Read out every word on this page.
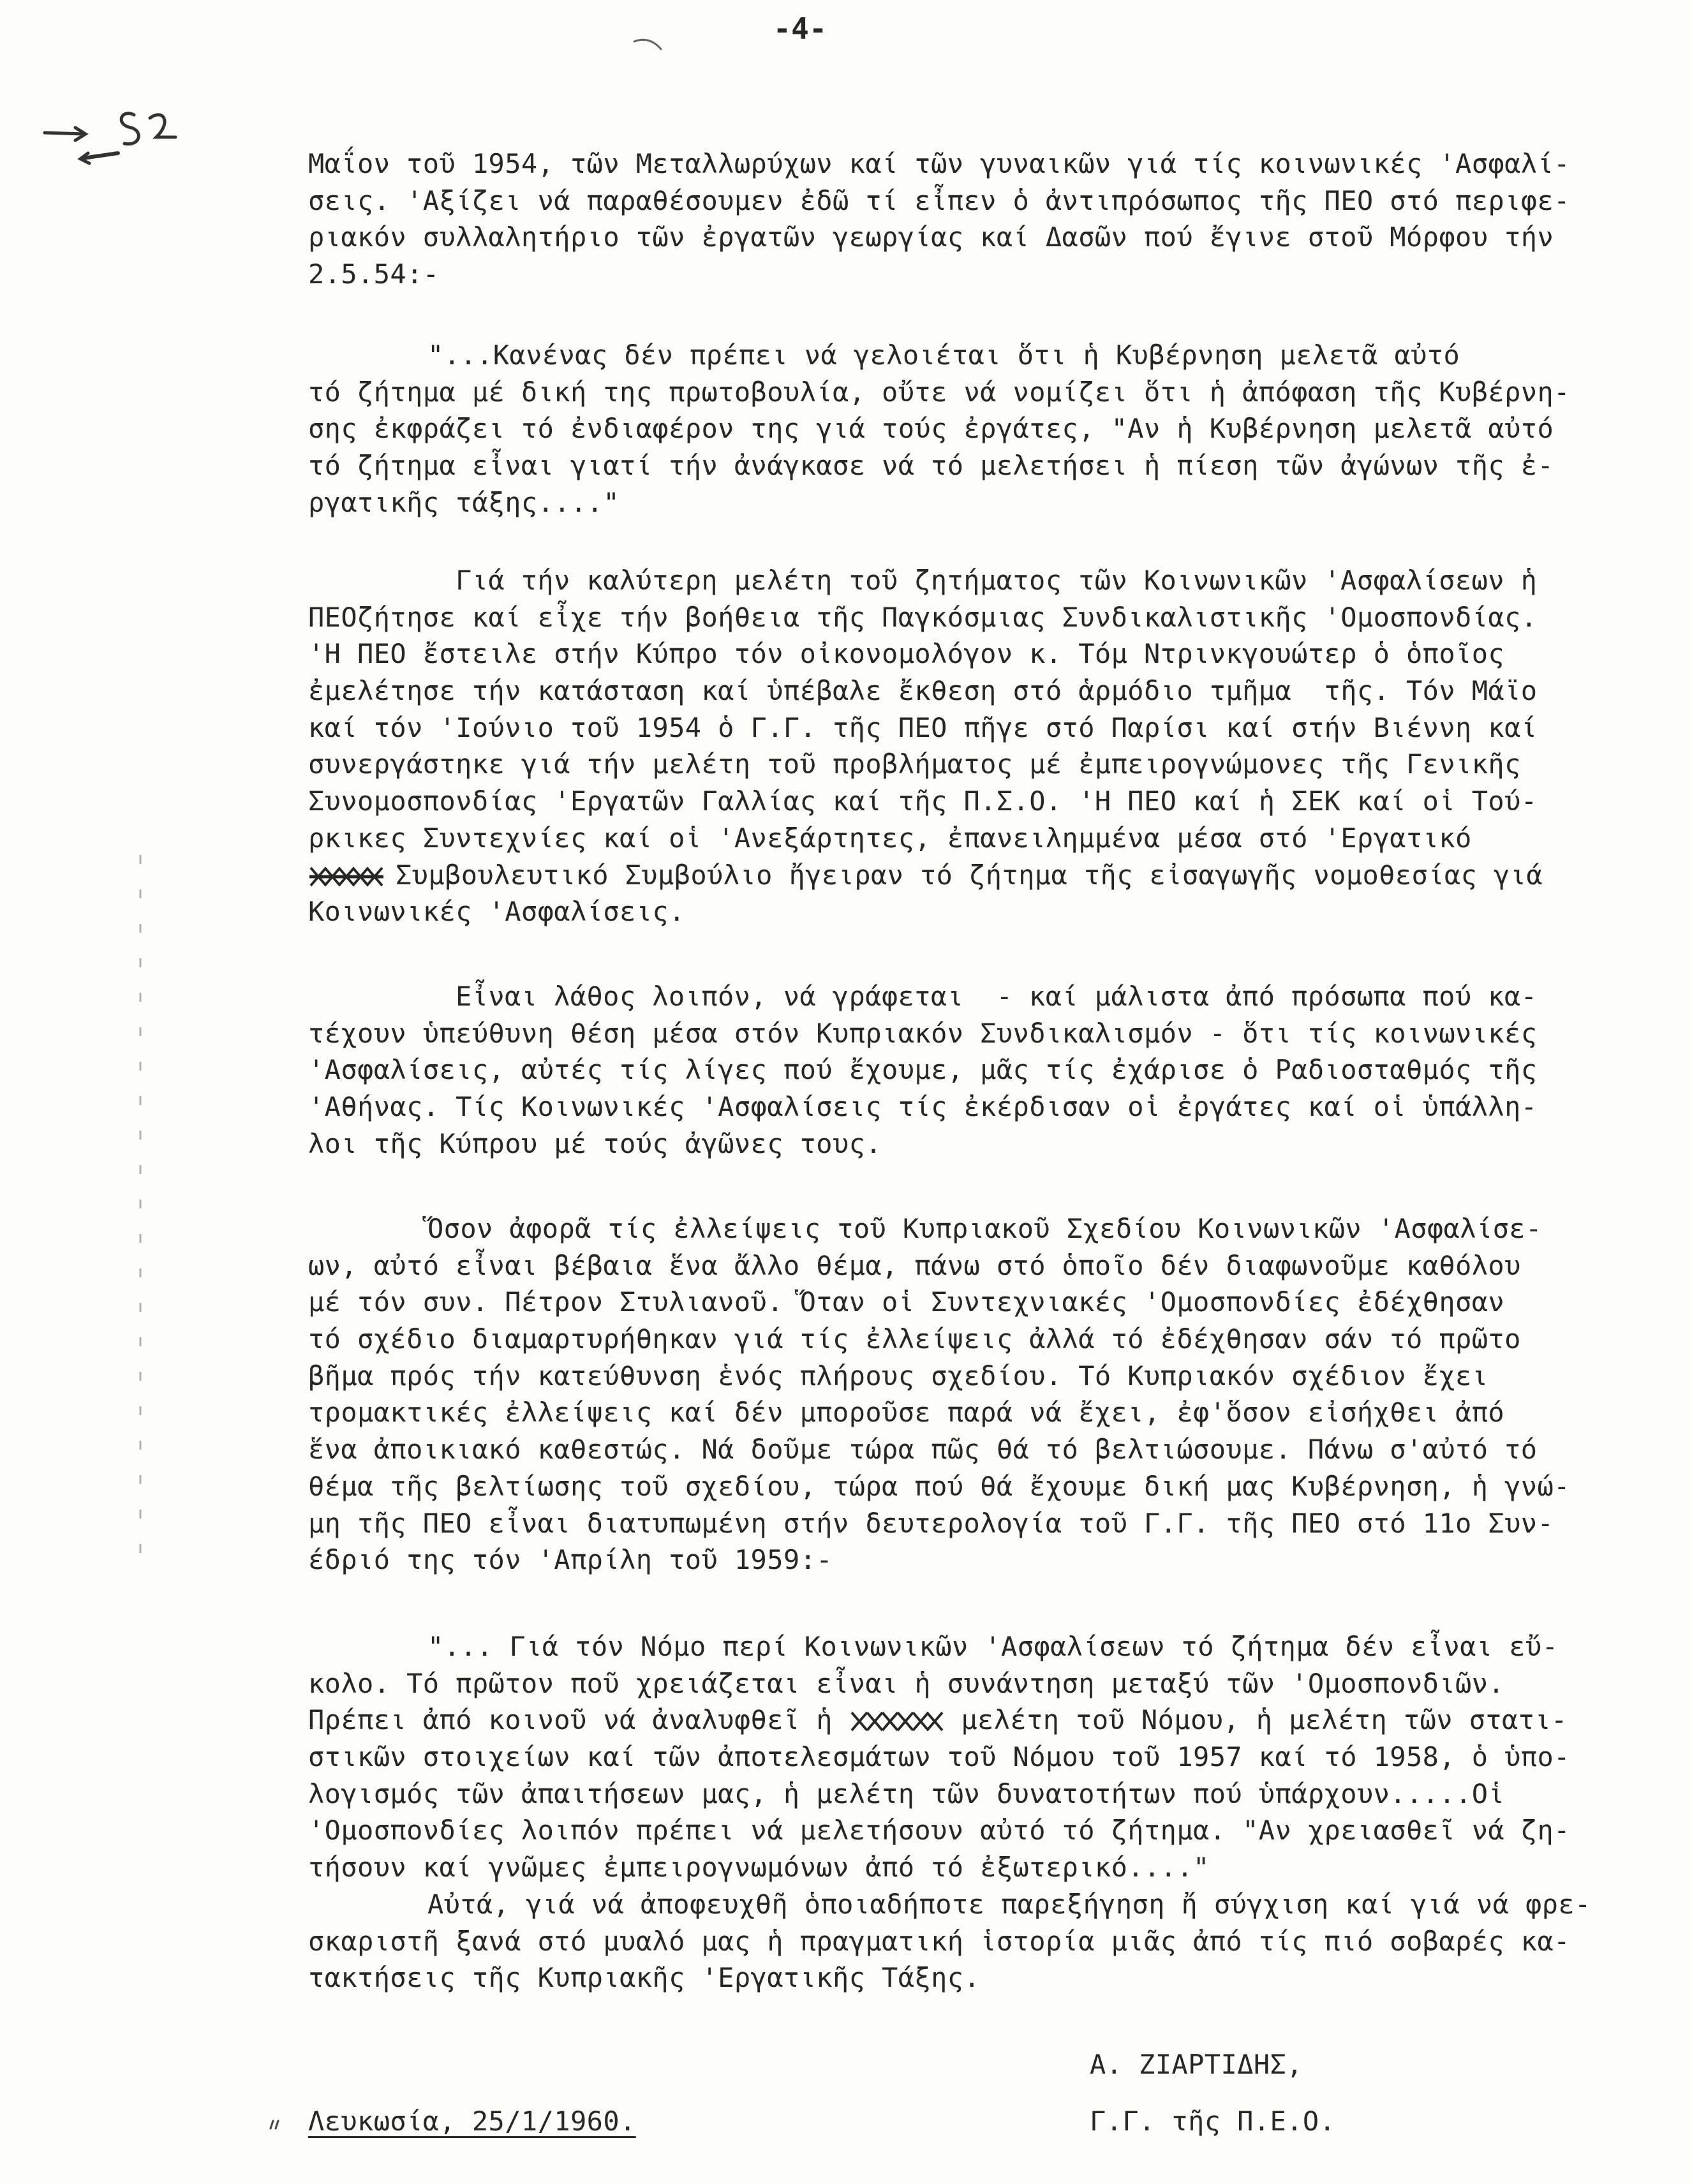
-4-
Μαΐον τοῦ 1954, τῶν Μεταλλωρύχων καί τῶν γυναικῶν γιά τίς κοινωνικές 'Ασφαλί-
σεις. 'Αξίζει νά παραθέσουμεν ἐδῶ τί εἶπεν ὁ ἀντιπρόσωπος τῆς ΠΕΟ στό περιφε-
ριακόν συλλαλητήριο τῶν ἐργατῶν γεωργίας καί Δασῶν πού ἔγινε στοῦ Μόρφου τήν
2.5.54:-
"...Κανένας δέν πρέπει νά γελοιέται ὅτι ἡ Κυβέρνηση μελετᾶ αὐτό
τό ζήτημα μέ δική της πρωτοβουλία, οὔτε νά νομίζει ὅτι ἡ ἀπόφαση τῆς Κυβέρνη-
σης ἐκφράζει τό ἐνδιαφέρον της γιά τούς ἐργάτες, "Αν ἡ Κυβέρνηση μελετᾶ αὐτό
τό ζήτημα εἶναι γιατί τήν ἀνάγκασε νά τό μελετήσει ἡ πίεση τῶν ἀγώνων τῆς ἐ-
ργατικῆς τάξης...."
Γιά τήν καλύτερη μελέτη τοῦ ζητήματος τῶν Κοινωνικῶν 'Ασφαλίσεων ἡ
ΠΕΟζήτησε καί εἶχε τήν βοήθεια τῆς Παγκόσμιας Συνδικαλιστικῆς 'Ομοσπονδίας.
'Η ΠΕΟ ἔστειλε στήν Κύπρο τόν οἰκονομολόγον κ. Τόμ Ντρινκγουώτερ ὁ ὁποῖος
ἐμελέτησε τήν κατάσταση καί ὑπέβαλε ἔκθεση στό ἁρμόδιο τμῆμα  τῆς. Τόν Μάϊο
καί τόν 'Ιούνιο τοῦ 1954 ὁ Γ.Γ. τῆς ΠΕΟ πῆγε στό Παρίσι καί στήν Βιέννη καί
συνεργάστηκε γιά τήν μελέτη τοῦ προβλήματος μέ ἐμπειρογνώμονες τῆς Γενικῆς
Συνομοσπονδίας 'Εργατῶν Γαλλίας καί τῆς Π.Σ.Ο. 'Η ΠΕΟ καί ἡ ΣΕΚ καί οἱ Τού-
ρκικες Συντεχνίες καί οἱ 'Ανεξάρτητες, ἐπανειλημμένα μέσα στό 'Εργατικό
Συμβουλευτικό Συμβούλιο ἤγειραν τό ζήτημα τῆς εἰσαγωγῆς νομοθεσίας γιά
Κοινωνικές 'Ασφαλίσεις.
Εἶναι λάθος λοιπόν, νά γράφεται  - καί μάλιστα ἀπό πρόσωπα πού κα-
τέχουν ὑπεύθυνη θέση μέσα στόν Κυπριακόν Συνδικαλισμόν - ὅτι τίς κοινωνικές
'Ασφαλίσεις, αὐτές τίς λίγες πού ἔχουμε, μᾶς τίς ἐχάρισε ὁ Ραδιοσταθμός τῆς
'Αθήνας. Τίς Κοινωνικές 'Ασφαλίσεις τίς ἐκέρδισαν οἱ ἐργάτες καί οἱ ὑπάλλη-
λοι τῆς Κύπρου μέ τούς ἀγῶνες τους.
Ὅσον ἀφορᾶ τίς ἐλλείψεις τοῦ Κυπριακοῦ Σχεδίου Κοινωνικῶν 'Ασφαλίσε-
ων, αὐτό εἶναι βέβαια ἕνα ἄλλο θέμα, πάνω στό ὁποῖο δέν διαφωνοῦμε καθόλου
μέ τόν συν. Πέτρον Στυλιανοῦ. Ὅταν οἱ Συντεχνιακές 'Ομοσπονδίες ἐδέχθησαν
τό σχέδιο διαμαρτυρήθηκαν γιά τίς ἐλλείψεις ἀλλά τό ἐδέχθησαν σάν τό πρῶτο
βῆμα πρός τήν κατεύθυνση ἑνός πλήρους σχεδίου. Τό Κυπριακόν σχέδιον ἔχει
τρομακτικές ἐλλείψεις καί δέν μποροῦσε παρά νά ἔχει, ἐφ'ὅσον εἰσήχθει ἀπό
ἕνα ἀποικιακό καθεστώς. Νά δοῦμε τώρα πῶς θά τό βελτιώσουμε. Πάνω σ'αὐτό τό
θέμα τῆς βελτίωσης τοῦ σχεδίου, τώρα πού θά ἔχουμε δική μας Κυβέρνηση, ἡ γνώ-
μη τῆς ΠΕΟ εἶναι διατυπωμένη στήν δευτερολογία τοῦ Γ.Γ. τῆς ΠΕΟ στό 11ο Συν-
έδριό της τόν 'Απρίλη τοῦ 1959:-
"... Γιά τόν Νόμο περί Κοινωνικῶν 'Ασφαλίσεων τό ζήτημα δέν εἶναι εὔ-
κολο. Τό πρῶτον ποῦ χρειάζεται εἶναι ἡ συνάντηση μεταξύ τῶν 'Ομοσπονδιῶν.
Πρέπει ἀπό κοινοῦ νά ἀναλυφθεῖ ἡ	μελέτη τοῦ Νόμου, ἡ μελέτη τῶν στατι-
στικῶν στοιχείων καί τῶν ἀποτελεσμάτων τοῦ Νόμου τοῦ 1957 καί τό 1958, ὁ ὑπο-
λογισμός τῶν ἀπαιτήσεων μας, ἡ μελέτη τῶν δυνατοτήτων πού ὑπάρχουν.....Οἱ
'Ομοσπονδίες λοιπόν πρέπει νά μελετήσουν αὐτό τό ζήτημα. "Αν χρειασθεῖ νά ζη-
τήσουν καί γνῶμες ἐμπειρογνωμόνων ἀπό τό ἐξωτερικό...."
Αὐτά, γιά νά ἀποφευχθῆ ὁποιαδήποτε παρεξήγηση ἤ σύγχιση καί γιά νά φρε-
σκαριστῆ ξανά στό μυαλό μας ἡ πραγματική ἱστορία μιᾶς ἀπό τίς πιό σοβαρές κα-
τακτήσεις τῆς Κυπριακῆς 'Εργατικῆς Τάξης.
Α. ΖΙΑΡΤΙΔΗΣ,
Γ.Γ. τῆς Π.Ε.Ο.
Λευκωσία, 25/1/1960.
